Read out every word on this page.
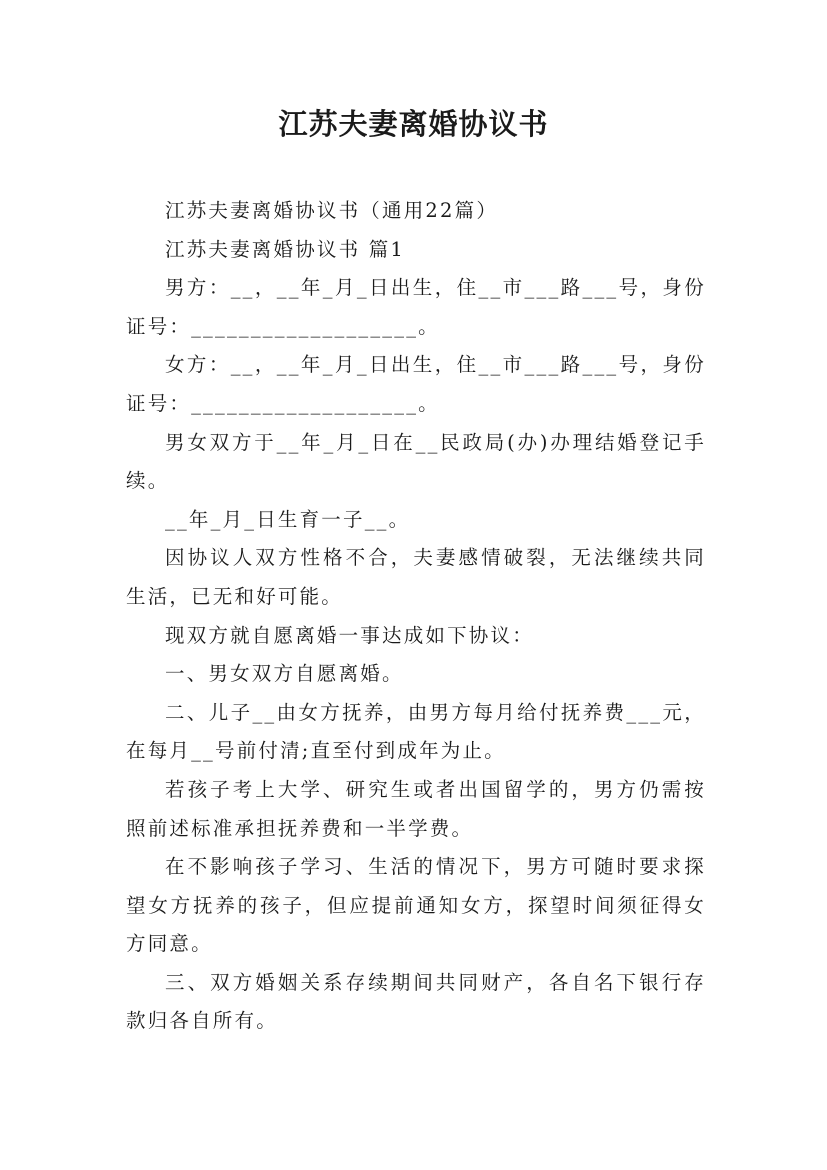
江苏夫妻离婚协议书

江苏夫妻离婚协议书（通用22篇）

江苏夫妻离婚协议书 篇1

男方：__，__年_月_日出生，住__市___路___号，身份证号：___________________。

女方：__，__年_月_日出生，住__市___路___号，身份证号：___________________。

男女双方于__年_月_日在__民政局(办)办理结婚登记手续。

__年_月_日生育一子__。

因协议人双方性格不合，夫妻感情破裂，无法继续共同生活，已无和好可能。

现双方就自愿离婚一事达成如下协议：

一、男女双方自愿离婚。

二、儿子__由女方抚养，由男方每月给付抚养费___元，在每月__号前付清;直至付到成年为止。

若孩子考上大学、研究生或者出国留学的，男方仍需按照前述标准承担抚养费和一半学费。

在不影响孩子学习、生活的情况下，男方可随时要求探望女方抚养的孩子，但应提前通知女方，探望时间须征得女方同意。

三、双方婚姻关系存续期间共同财产，各自名下银行存款归各自所有。
